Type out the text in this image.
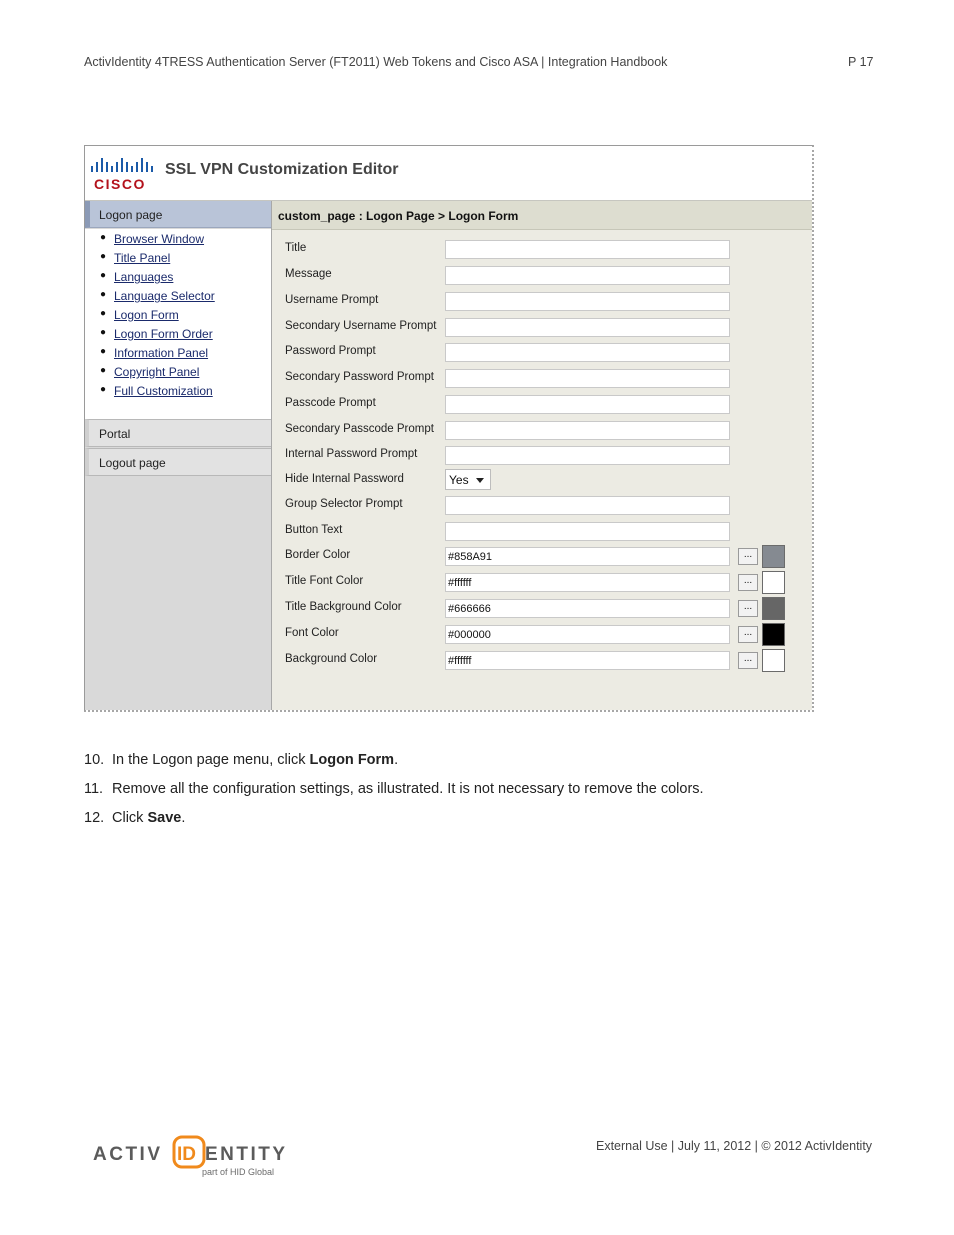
ActivIdentity 4TRESS Authentication Server (FT2011) Web Tokens and Cisco ASA | Integration Handbook	P 17
CISCO
SSL VPN Customization Editor
Logon page
● Browser Window
● Title Panel
● Languages
● Language Selector
● Logon Form
● Logon Form Order
● Information Panel
● Copyright Panel
● Full Customization
Portal
Logout page
custom_page : Logon Page > Logon Form
Title
Message
Username Prompt
Secondary Username Prompt
Password Prompt
Secondary Password Prompt
Passcode Prompt
Secondary Passcode Prompt
Internal Password Prompt
Hide Internal Password	Yes
Group Selector Prompt
Button Text
Border Color	#858A91	...
Title Font Color	#ffffff	...
Title Background Color	#666666	...
Font Color	#000000	...
Background Color	#ffffff	...
10. In the Logon page menu, click Logon Form.
11. Remove all the configuration settings, as illustrated. It is not necessary to remove the colors.
12. Click Save.
ACTIV ID ENTITY
part of HID Global
External Use | July 11, 2012 | © 2012 ActivIdentity
